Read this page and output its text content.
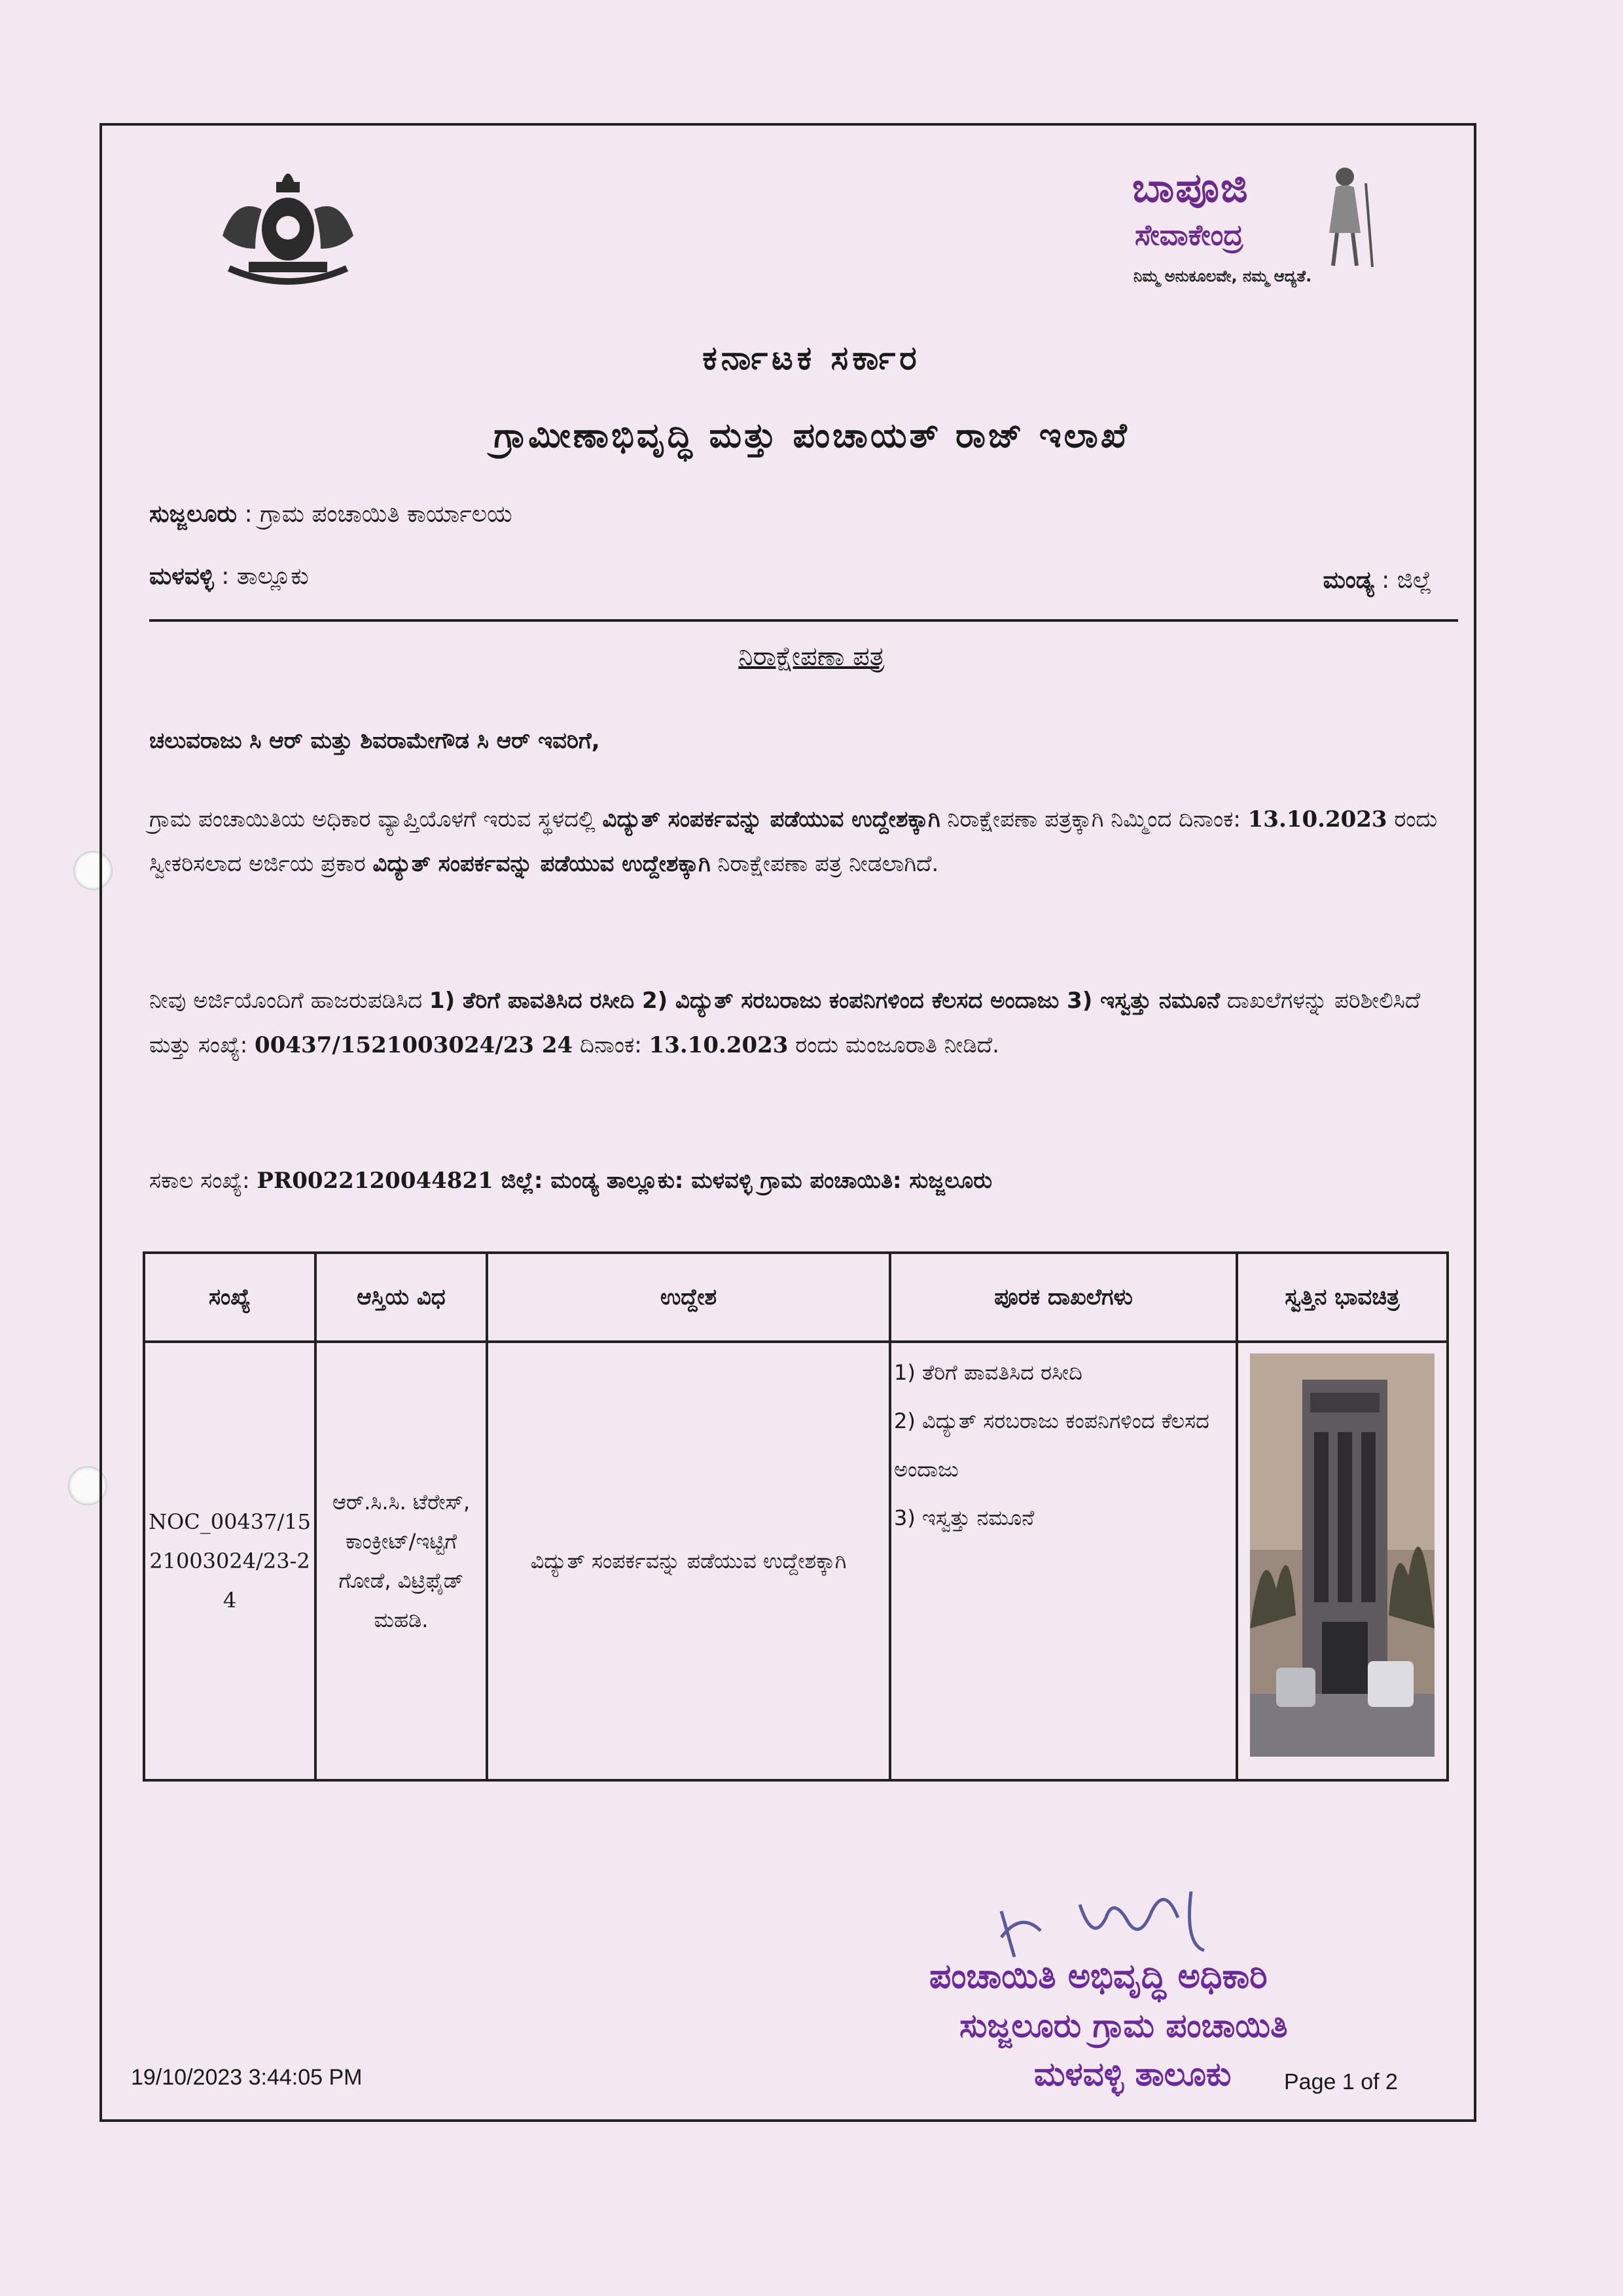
ಬಾಪೂಜಿ
ಸೇವಾಕೇಂದ್ರ
ನಿಮ್ಮ ಅನುಕೂಲವೇ, ನಮ್ಮ ಆದ್ಯತೆ.
ಕರ್ನಾಟಕ ಸರ್ಕಾರ
ಗ್ರಾಮೀಣಾಭಿವೃದ್ಧಿ ಮತ್ತು ಪಂಚಾಯತ್ ರಾಜ್ ಇಲಾಖೆ
ಸುಜ್ಜಲೂರು : ಗ್ರಾಮ ಪಂಚಾಯಿತಿ ಕಾರ್ಯಾಲಯ
ಮಳವಳ್ಳಿ : ತಾಲ್ಲೂಕು	ಮಂಡ್ಯ : ಜಿಲ್ಲೆ
ನಿರಾಕ್ಷೇಪಣಾ ಪತ್ರ
ಚಲುವರಾಜು ಸಿ ಆರ್ ಮತ್ತು ಶಿವರಾಮೇಗೌಡ ಸಿ ಆರ್ ಇವರಿಗೆ,
ಗ್ರಾಮ ಪಂಚಾಯಿತಿಯ ಅಧಿಕಾರ ವ್ಯಾಪ್ತಿಯೊಳಗೆ ಇರುವ ಸ್ಥಳದಲ್ಲಿ ವಿದ್ಯುತ್ ಸಂಪರ್ಕವನ್ನು ಪಡೆಯುವ ಉದ್ದೇಶಕ್ಕಾಗಿ ನಿರಾಕ್ಷೇಪಣಾ ಪತ್ರಕ್ಕಾಗಿ ನಿಮ್ಮಿಂದ ದಿನಾಂಕ: 13.10.2023 ರಂದು ಸ್ವೀಕರಿಸಲಾದ ಅರ್ಜಿಯ ಪ್ರಕಾರ ವಿದ್ಯುತ್ ಸಂಪರ್ಕವನ್ನು ಪಡೆಯುವ ಉದ್ದೇಶಕ್ಕಾಗಿ ನಿರಾಕ್ಷೇಪಣಾ ಪತ್ರ ನೀಡಲಾಗಿದೆ.
ನೀವು ಅರ್ಜಿಯೊಂದಿಗೆ ಹಾಜರುಪಡಿಸಿದ 1) ತೆರಿಗೆ ಪಾವತಿಸಿದ ರಸೀದಿ 2) ವಿದ್ಯುತ್ ಸರಬರಾಜು ಕಂಪನಿಗಳಿಂದ ಕೆಲಸದ ಅಂದಾಜು 3) ಇಸ್ವತ್ತು ನಮೂನೆ ದಾಖಲೆಗಳನ್ನು ಪರಿಶೀಲಿಸಿದೆ ಮತ್ತು ಸಂಖ್ಯೆ: 00437/1521003024/23 24 ದಿನಾಂಕ: 13.10.2023 ರಂದು ಮಂಜೂರಾತಿ ನೀಡಿದೆ.
ಸಕಾಲ ಸಂಖ್ಯೆ: PR0022120044821 ಜಿಲ್ಲೆ: ಮಂಡ್ಯ ತಾಲ್ಲೂಕು: ಮಳವಳ್ಳಿ ಗ್ರಾಮ ಪಂಚಾಯಿತಿ: ಸುಜ್ಜಲೂರು
ಸಂಖ್ಯೆ	ಆಸ್ತಿಯ ವಿಧ	ಉದ್ದೇಶ	ಪೂರಕ ದಾಖಲೆಗಳು	ಸ್ವತ್ತಿನ ಭಾವಚಿತ್ರ
NOC_00437/1521003024/23-24	ಆರ್.ಸಿ.ಸಿ. ಟೆರೇಸ್, ಕಾಂಕ್ರೀಟ್/ಇಟ್ಟಿಗೆ ಗೋಡೆ, ವಿಟ್ರಿಫೈಡ್ ಮಹಡಿ.	ವಿದ್ಯುತ್ ಸಂಪರ್ಕವನ್ನು ಪಡೆಯುವ ಉದ್ದೇಶಕ್ಕಾಗಿ	1) ತೆರಿಗೆ ಪಾವತಿಸಿದ ರಸೀದಿ
2) ವಿದ್ಯುತ್ ಸರಬರಾಜು ಕಂಪನಿಗಳಿಂದ ಕೆಲಸದ ಅಂದಾಜು
3) ಇಸ್ವತ್ತು ನಮೂನೆ

ಪಂಚಾಯಿತಿ ಅಭಿವೃದ್ಧಿ ಅಧಿಕಾರಿ
ಸುಜ್ಜಲೂರು ಗ್ರಾಮ ಪಂಚಾಯಿತಿ
ಮಳವಳ್ಳಿ ತಾಲೂಕು
19/10/2023 3:44:05 PM	Page 1 of 2
